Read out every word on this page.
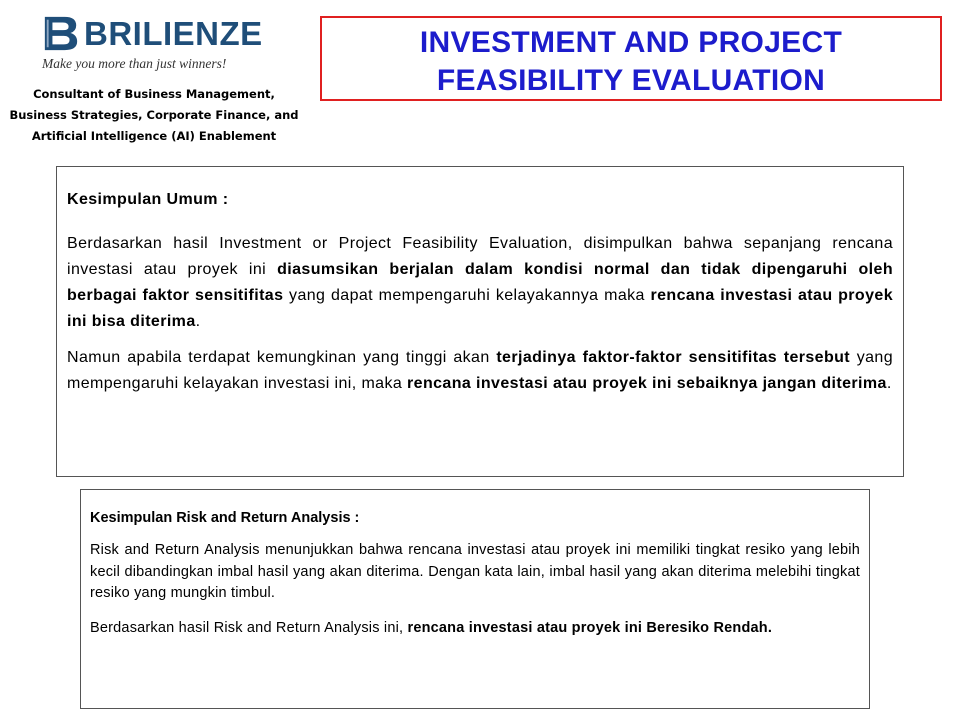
BRILIENZE
Make you more than just winners!
Consultant of Business Management,
Business Strategies, Corporate Finance, and
Artificial Intelligence (AI) Enablement
INVESTMENT AND PROJECT
FEASIBILITY EVALUATION
Kesimpulan Umum :

Berdasarkan hasil Investment or Project Feasibility Evaluation, disimpulkan bahwa sepanjang rencana investasi atau proyek ini diasumsikan berjalan dalam kondisi normal dan tidak dipengaruhi oleh berbagai faktor sensitifitas yang dapat mempengaruhi kelayakannya maka rencana investasi atau proyek ini bisa diterima.

Namun apabila terdapat kemungkinan yang tinggi akan terjadinya faktor-faktor sensitifitas tersebut yang mempengaruhi kelayakan investasi ini, maka rencana investasi atau proyek ini sebaiknya jangan diterima.

Kesimpulan Risk and Return Analysis :

Risk and Return Analysis menunjukkan bahwa rencana investasi atau proyek ini memiliki tingkat resiko yang lebih kecil dibandingkan imbal hasil yang akan diterima. Dengan kata lain, imbal hasil yang akan diterima melebihi tingkat resiko yang mungkin timbul.

Berdasarkan hasil Risk and Return Analysis ini, rencana investasi atau proyek ini Beresiko Rendah.
